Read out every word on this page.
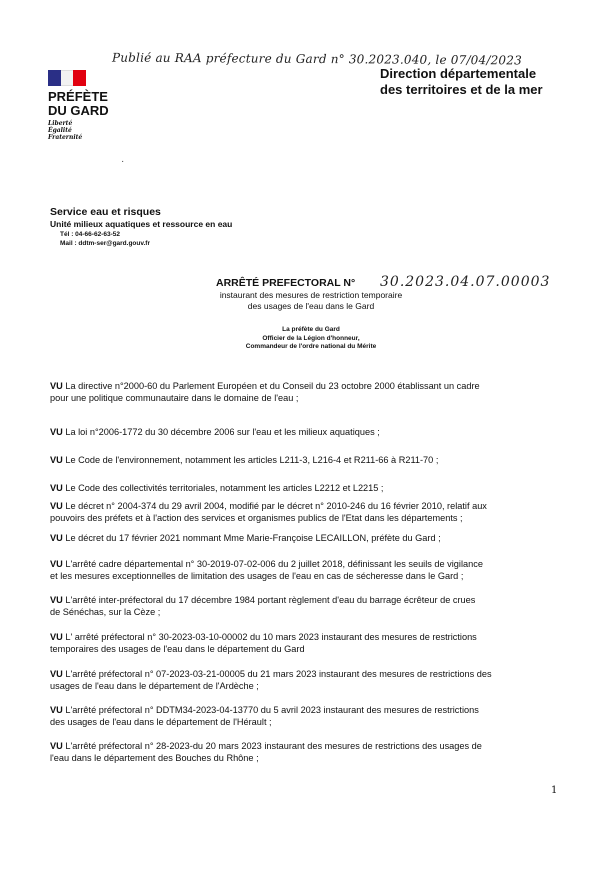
Publié au RAA préfecture du Gard n° 30.2023.040, le 07/04/2023
PRÉFÈTE
DU GARD
Liberté
Égalité
Fraternité
Direction départementale
des territoires et de la mer
·
Service eau et risques
Unité milieux aquatiques et ressource en eau
Tél : 04-66-62-63-52
Mail : ddtm-ser@gard.gouv.fr
ARRÊTÉ PREFECTORAL N° 30.2023.04.07.00003
instaurant des mesures de restriction temporaire
des usages de l'eau dans le Gard
La préfète du Gard
Officier de la Légion d'honneur,
Commandeur de l'ordre national du Mérite
VU La directive n°2000-60 du Parlement Européen et du Conseil du 23 octobre 2000 établissant un cadre
pour une politique communautaire dans le domaine de l'eau ;
VU La loi n°2006-1772 du 30 décembre 2006 sur l'eau et les milieux aquatiques ;
VU Le Code de l'environnement, notamment les articles L211-3, L216-4 et R211-66 à R211-70 ;
VU Le Code des collectivités territoriales, notamment les articles L2212 et L2215 ;
VU Le décret n° 2004-374 du 29 avril 2004, modifié par le décret n° 2010-246 du 16 février 2010, relatif aux
pouvoirs des préfets et à l'action des services et organismes publics de l'Etat dans les départements ;
VU Le décret du 17 février 2021 nommant Mme Marie-Françoise LECAILLON, préfète du Gard ;
VU L'arrêté cadre départemental n° 30-2019-07-02-006 du 2 juillet 2018, définissant les seuils de vigilance
et les mesures exceptionnelles de limitation des usages de l'eau en cas de sécheresse dans le Gard ;
VU L'arrêté inter-préfectoral du 17 décembre 1984 portant règlement d'eau du barrage écrêteur de crues
de Sénéchas, sur la Cèze ;
VU L' arrêté préfectoral n° 30-2023-03-10-00002 du 10 mars 2023 instaurant des mesures de restrictions
temporaires des usages de l'eau dans le département du Gard
VU L'arrêté préfectoral n° 07-2023-03-21-00005 du 21 mars 2023 instaurant des mesures de restrictions des
usages de l'eau dans le département de l'Ardèche ;
VU L'arrêté préfectoral n° DDTM34-2023-04-13770 du 5 avril 2023 instaurant des mesures de restrictions
des usages de l'eau dans le département de l'Hérault ;
VU L'arrêté préfectoral n° 28-2023-du 20 mars 2023 instaurant des mesures de restrictions des usages de
l'eau dans le département des Bouches du Rhône ;
1
